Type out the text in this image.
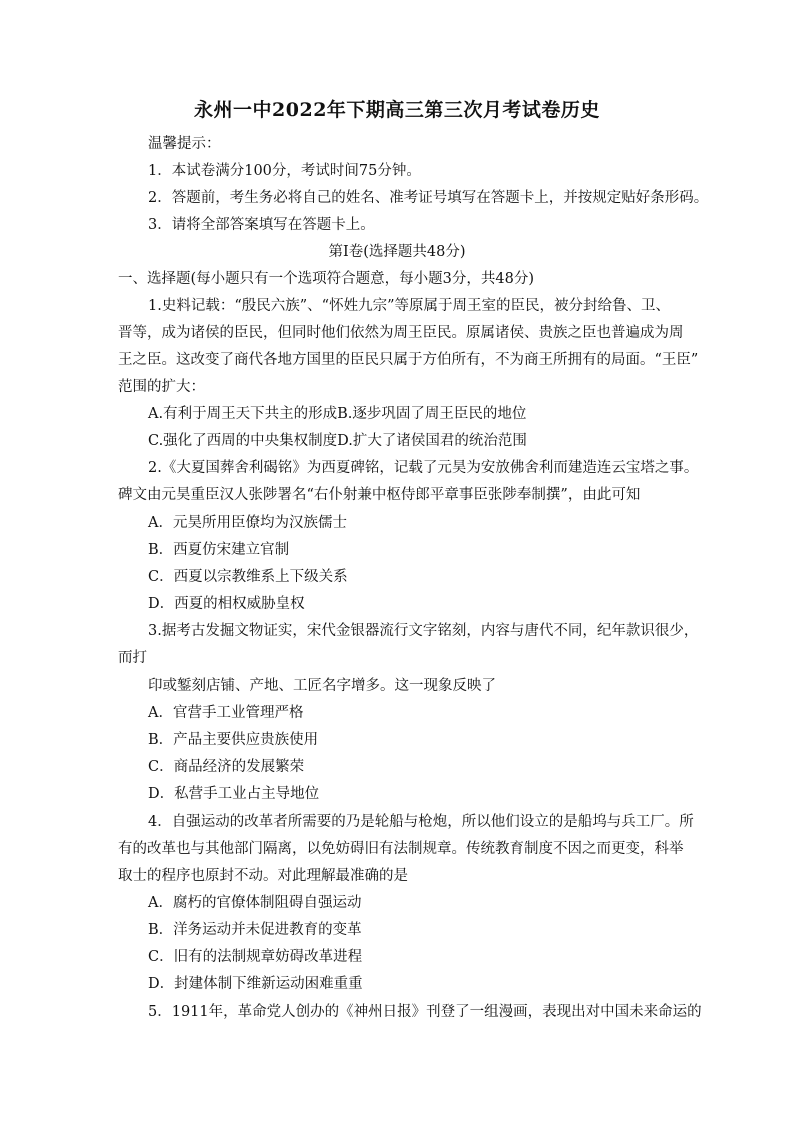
永州一中2022年下期高三第三次月考试卷历史
温馨提示：
1．本试卷满分100分，考试时间75分钟。
2．答题前，考生务必将自己的姓名、准考证号填写在答题卡上，并按规定贴好条形码。
3．请将全部答案填写在答题卡上。
第Ⅰ卷(选择题共48分)
一、选择题(每小题只有一个选项符合题意，每小题3分，共48分)
1.史料记载：“殷民六族”、“怀姓九宗”等原属于周王室的臣民，被分封给鲁、卫、
晋等，成为诸侯的臣民，但同时他们依然为周王臣民。原属诸侯、贵族之臣也普遍成为周
王之臣。这改变了商代各地方国里的臣民只属于方伯所有，不为商王所拥有的局面。“王臣”
范围的扩大：
A.有利于周王天下共主的形成B.逐步巩固了周王臣民的地位
C.强化了西周的中央集权制度D.扩大了诸侯国君的统治范围
2.《大夏国葬舍利碣铭》为西夏碑铭，记载了元昊为安放佛舍利而建造连云宝塔之事。
碑文由元昊重臣汉人张陟署名“右仆射兼中枢侍郎平章事臣张陟奉制撰”，由此可知
A．元昊所用臣僚均为汉族儒士
B．西夏仿宋建立官制
C．西夏以宗教维系上下级关系
D．西夏的相权威胁皇权
3.据考古发掘文物证实，宋代金银器流行文字铭刻，内容与唐代不同，纪年款识很少，
而打
印或錾刻店铺、产地、工匠名字增多。这一现象反映了
A．官营手工业管理严格
B．产品主要供应贵族使用
C．商品经济的发展繁荣
D．私营手工业占主导地位
4．自强运动的改革者所需要的乃是轮船与枪炮，所以他们设立的是船坞与兵工厂。所
有的改革也与其他部门隔离，以免妨碍旧有法制规章。传统教育制度不因之而更变，科举
取士的程序也原封不动。对此理解最准确的是
A．腐朽的官僚体制阻碍自强运动
B．洋务运动并未促进教育的变革
C．旧有的法制规章妨碍改革进程
D．封建体制下维新运动困难重重
5．1911年，革命党人创办的《神州日报》刊登了一组漫画，表现出对中国未来命运的
